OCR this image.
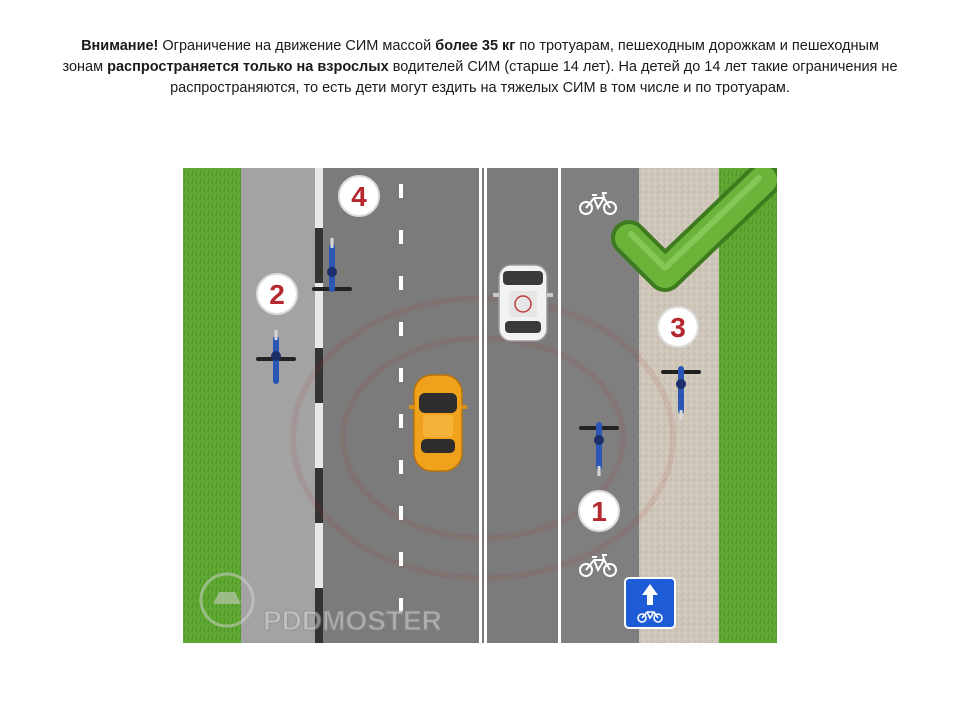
Внимание! Ограничение на движение СИМ массой более 35 кг по тротуарам, пешеходным дорожкам и пешеходным зонам распространяется только на взрослых водителей СИМ (старше 14 лет). На детей до 14 лет такие ограничения не распространяются, то есть дети могут ездить на тяжелых СИМ в том числе и по тротуарам.
4
2
3
1
PDDMOSTER
